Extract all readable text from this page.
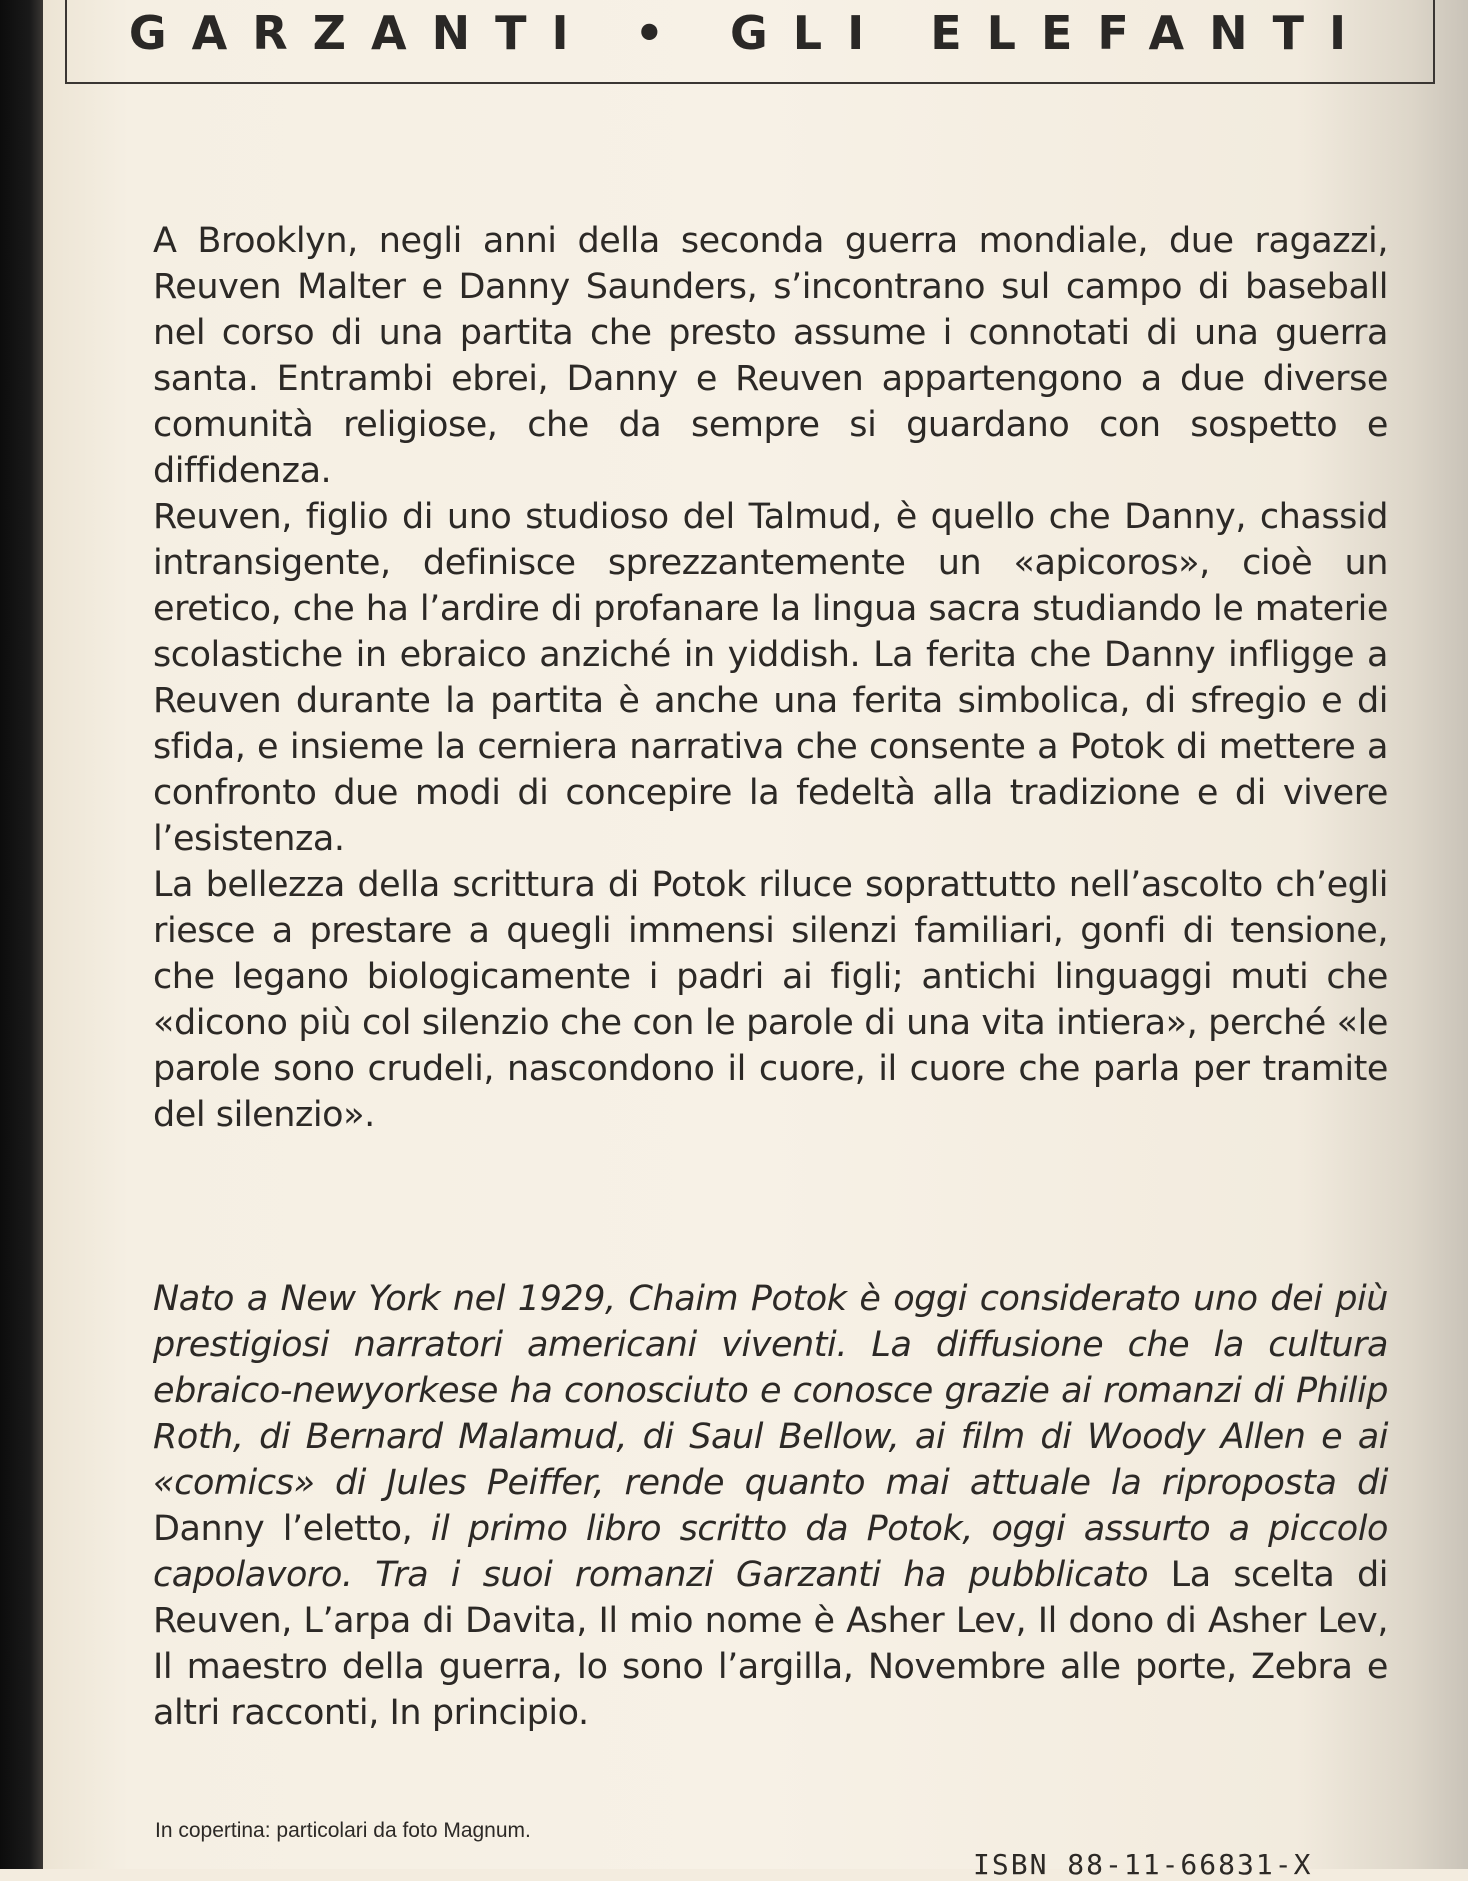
GARZANTI • GLI ELEFANTI

A Brooklyn, negli anni della seconda guerra mondiale, due ragazzi, Reuven Malter e Danny Saunders, s’incontrano sul campo di baseball nel corso di una partita che presto assume i connotati di una guerra santa. Entrambi ebrei, Danny e Reuven appartengono a due diverse comunità religiose, che da sempre si guardano con sospetto e diffidenza.

Reuven, figlio di uno studioso del Talmud, è quello che Danny, chassid intransigente, definisce sprezzantemente un «apicoros», cioè un eretico, che ha l’ardire di profanare la lingua sacra studiando le materie scolastiche in ebraico anziché in yiddish. La ferita che Danny infligge a Reuven durante la partita è anche una ferita simbolica, di sfregio e di sfida, e insieme la cerniera narrativa che consente a Potok di mettere a confronto due modi di concepire la fedeltà alla tradizione e di vivere l’esistenza.

La bellezza della scrittura di Potok riluce soprattutto nell’ascolto ch’egli riesce a prestare a quegli immensi silenzi familiari, gonfi di tensione, che legano biologicamente i padri ai figli; antichi linguaggi muti che «dicono più col silenzio che con le parole di una vita intiera», perché «le parole sono crudeli, nascondono il cuore, il cuore che parla per tramite del silenzio».

Nato a New York nel 1929, Chaim Potok è oggi considerato uno dei più prestigiosi narratori americani viventi. La diffusione che la cultura ebraico-newyorkese ha conosciuto e conosce grazie ai romanzi di Philip Roth, di Bernard Malamud, di Saul Bellow, ai film di Woody Allen e ai «comics» di Jules Peiffer, rende quanto mai attuale la riproposta di Danny l’eletto, il primo libro scritto da Potok, oggi assurto a piccolo capolavoro. Tra i suoi romanzi Garzanti ha pubblicato La scelta di Reuven, L’arpa di Davita, Il mio nome è Asher Lev, Il dono di Asher Lev, Il maestro della guerra, Io sono l’argilla, Novembre alle porte, Zebra e altri racconti, In principio.
In copertina: particolari da foto Magnum.
ISBN 88-11-66831-X
